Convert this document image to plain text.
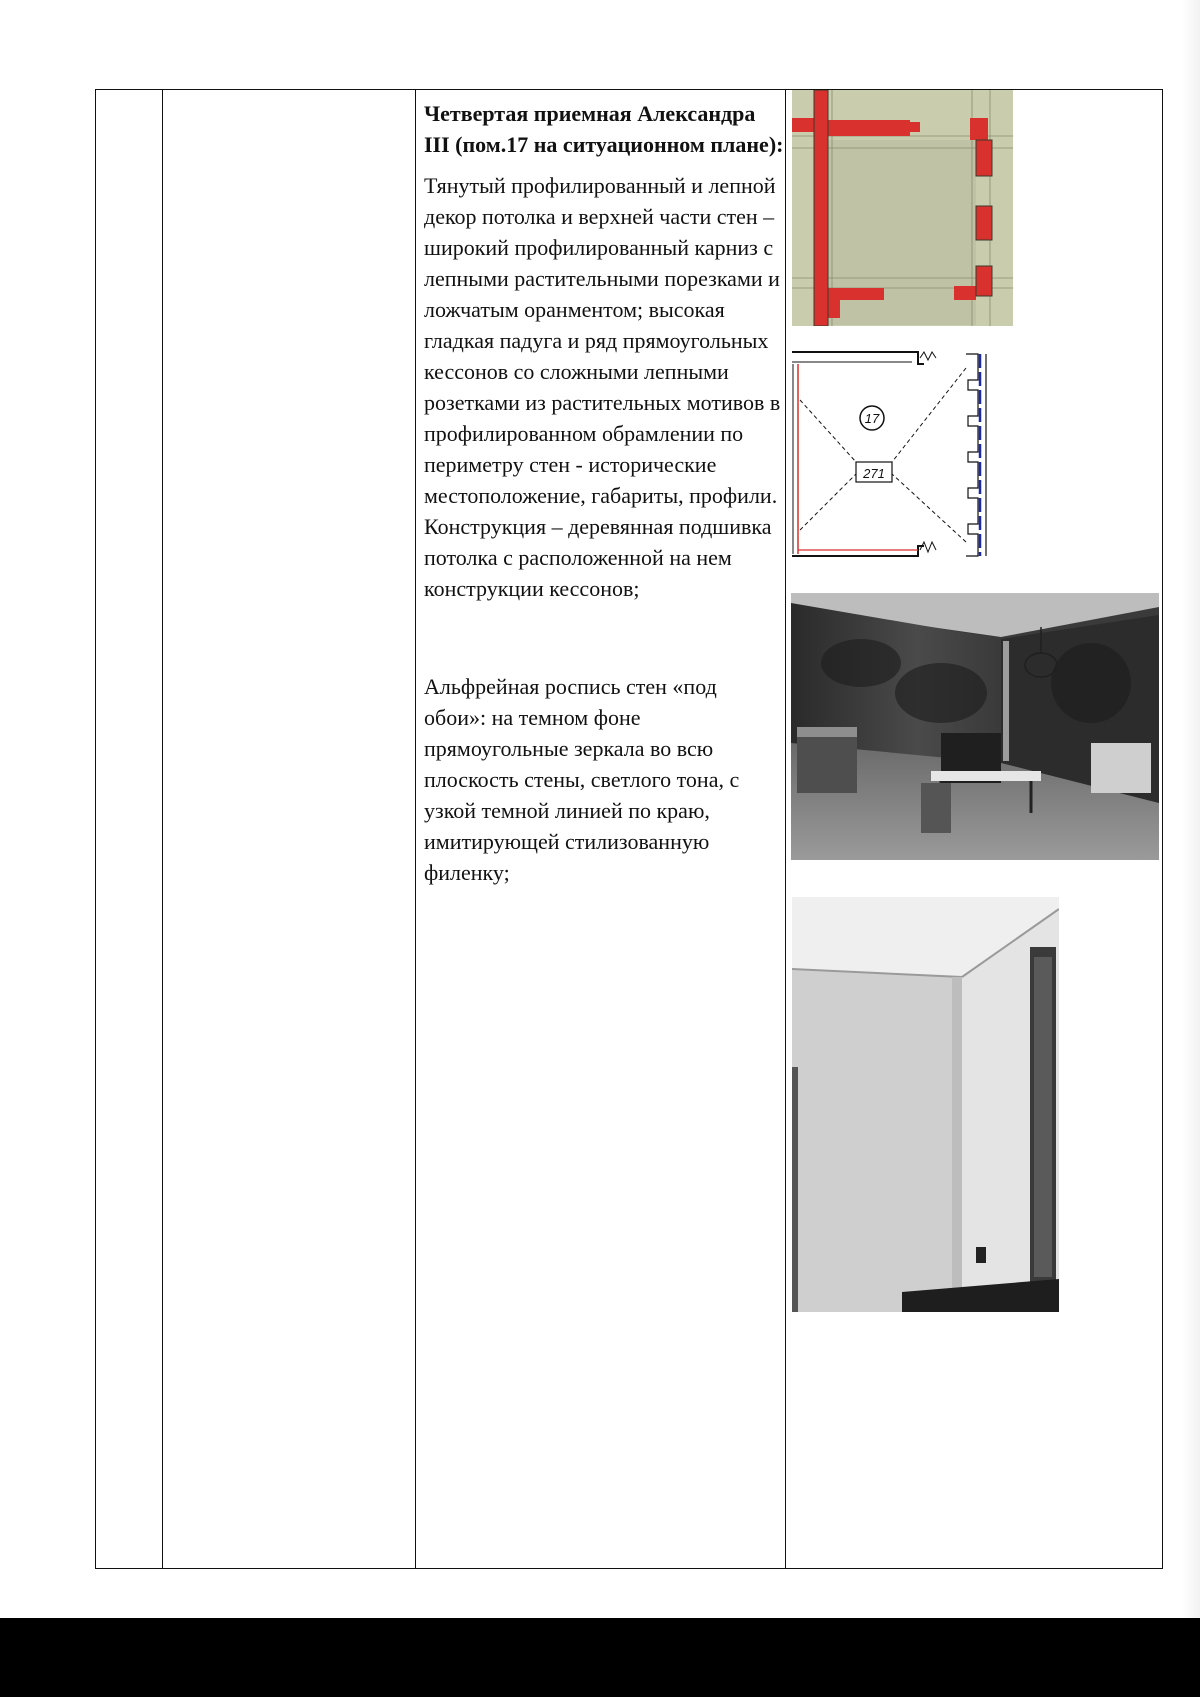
Четвертая приемная Александра III (пом.17 на ситуационном плане):

Тянутый профилированный и лепной декор потолка и верхней части стен – широкий профилированный карниз с лепными растительными порезками и ложчатым оранментом; высокая гладкая падуга и ряд прямоугольных кессонов со сложными лепными розетками из растительных мотивов в профилированном обрамлении по периметру стен - исторические местоположение, габариты, профили. Конструкция – деревянная подшивка потолка с расположенной на нем конструкции кессонов;

Альфрейная роспись стен «под обои»: на темном фоне прямоугольные зеркала во всю плоскость стены, светлого тона, с узкой темной линией по краю, имитирующей стилизованную филенку;

17
271
